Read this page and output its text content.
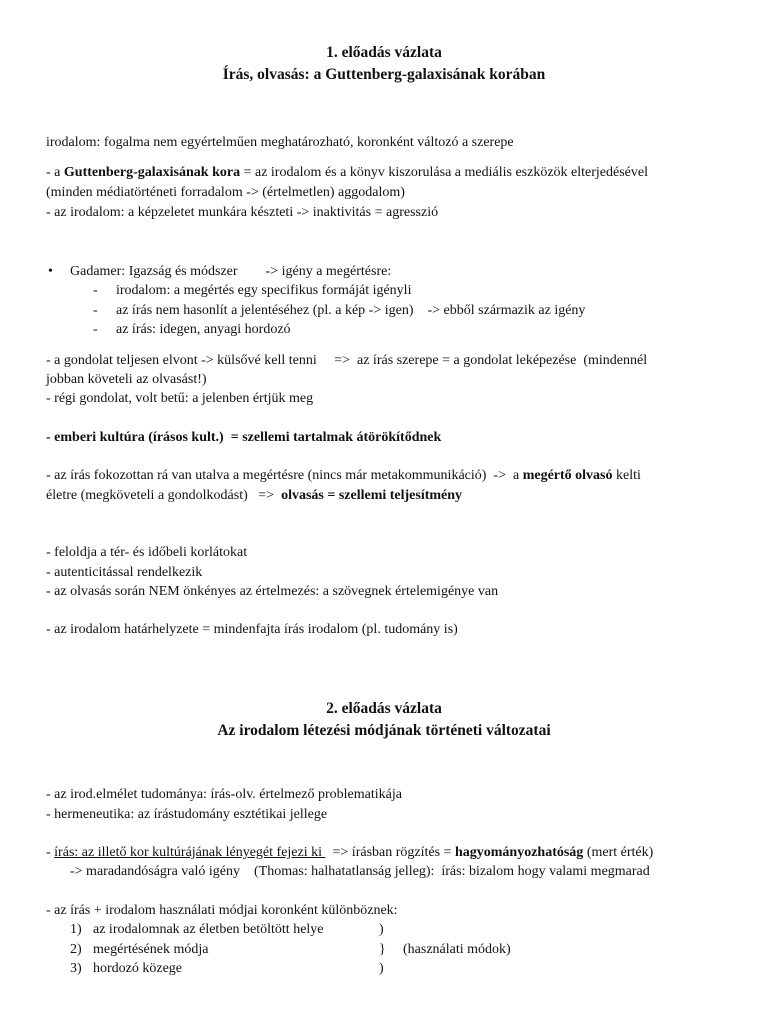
1. előadás vázlata
Írás, olvasás: a Guttenberg-galaxisának korában
irodalom: fogalma nem egyértelműen meghatározható, koronként változó a szerepe
- a Guttenberg-galaxisának kora = az irodalom és a könyv kiszorulása a mediális eszközök elterjedésével
(minden médiatörténeti forradalom -> (értelmetlen) aggodalom)
- az irodalom: a képzeletet munkára készteti -> inaktivitás = agresszió
• Gadamer: Igazság és módszer        -> igény a megértésre:
- irodalom: a megértés egy specifikus formáját igényli
- az írás nem hasonlít a jelentéséhez (pl. a kép -> igen)    -> ebből származik az igény
- az írás: idegen, anyagi hordozó
- a gondolat teljesen elvont -> külsővé kell tenni     =>  az írás szerepe = a gondolat leképezése  (mindennél
jobban követeli az olvasást!)
- régi gondolat, volt betű: a jelenben értjük meg
- emberi kultúra (írásos kult.)  = szellemi tartalmak átörökítődnek
- az írás fokozottan rá van utalva a megértésre (nincs már metakommunikáció)  ->  a megértő olvasó kelti
életre (megköveteli a gondolkodást)   =>  olvasás = szellemi teljesítmény
- feloldja a tér- és időbeli korlátokat
- autenticitással rendelkezik
- az olvasás során NEM önkényes az értelmezés: a szövegnek értelemigénye van
- az irodalom határhelyzete = mindenfajta írás irodalom (pl. tudomány is)
2. előadás vázlata
Az irodalom létezési módjának történeti változatai
- az irod.elmélet tudománya: írás-olv. értelmező problematikája
- hermeneutika: az írástudomány esztétikai jellege
- írás: az illető kor kultúrájának lényegét fejezi ki   => írásban rögzítés = hagyományozhatóság (mert érték)
-> maradandóságra való igény    (Thomas: halhatatlanság jelleg):  írás: bizalom hogy valami megmarad
- az írás + irodalom használati módjai koronként különböznek:
1) az irodalomnak az életben betöltött helye	)
2) megértésének módja	} (használati módok)
3) hordozó közege	)
